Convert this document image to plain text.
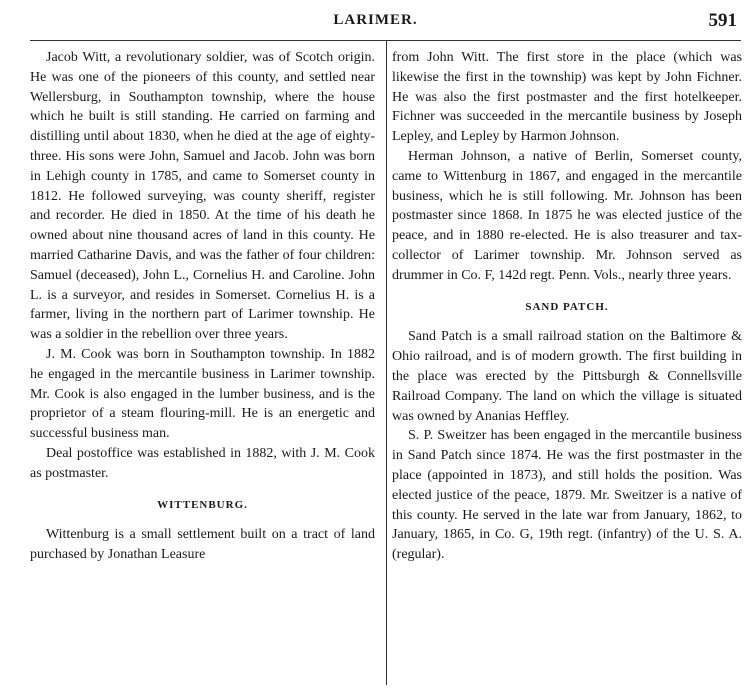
LARIMER.	591

Jacob Witt, a revolutionary soldier, was of Scotch origin. He was one of the pioneers of this county, and settled near Wellersburg, in Southampton township, where the house which he built is still standing. He carried on farming and distilling until about 1830, when he died at the age of eighty-three. His sons were John, Samuel and Jacob. John was born in Lehigh county in 1785, and came to Somerset county in 1812. He followed surveying, was county sheriff, register and recorder. He died in 1850. At the time of his death he owned about nine thousand acres of land in this county. He married Catharine Davis, and was the father of four children: Samuel (deceased), John L., Cornelius H. and Caroline. John L. is a surveyor, and resides in Somerset. Cornelius H. is a farmer, living in the northern part of Larimer township. He was a soldier in the rebellion over three years.

J. M. Cook was born in Southampton township. In 1882 he engaged in the mercantile business in Larimer township. Mr. Cook is also engaged in the lumber business, and is the proprietor of a steam flouring-mill. He is an energetic and successful business man.

Deal postoffice was established in 1882, with J. M. Cook as postmaster.

WITTENBURG.

Wittenburg is a small settlement built on a tract of land purchased by Jonathan Leasure

from John Witt. The first store in the place (which was likewise the first in the township) was kept by John Fichner. He was also the first postmaster and the first hotelkeeper. Fichner was succeeded in the mercantile business by Joseph Lepley, and Lepley by Harmon Johnson.

Herman Johnson, a native of Berlin, Somerset county, came to Wittenburg in 1867, and engaged in the mercantile business, which he is still following. Mr. Johnson has been postmaster since 1868. In 1875 he was elected justice of the peace, and in 1880 re-elected. He is also treasurer and tax-collector of Larimer township. Mr. Johnson served as drummer in Co. F, 142d regt. Penn. Vols., nearly three years.

SAND PATCH.

Sand Patch is a small railroad station on the Baltimore & Ohio railroad, and is of modern growth. The first building in the place was erected by the Pittsburgh & Connellsville Railroad Company. The land on which the village is situated was owned by Ananias Heffley.

S. P. Sweitzer has been engaged in the mercantile business in Sand Patch since 1874. He was the first postmaster in the place (appointed in 1873), and still holds the position. Was elected justice of the peace, 1879. Mr. Sweitzer is a native of this county. He served in the late war from January, 1862, to January, 1865, in Co. G, 19th regt. (infantry) of the U. S. A. (regular).
